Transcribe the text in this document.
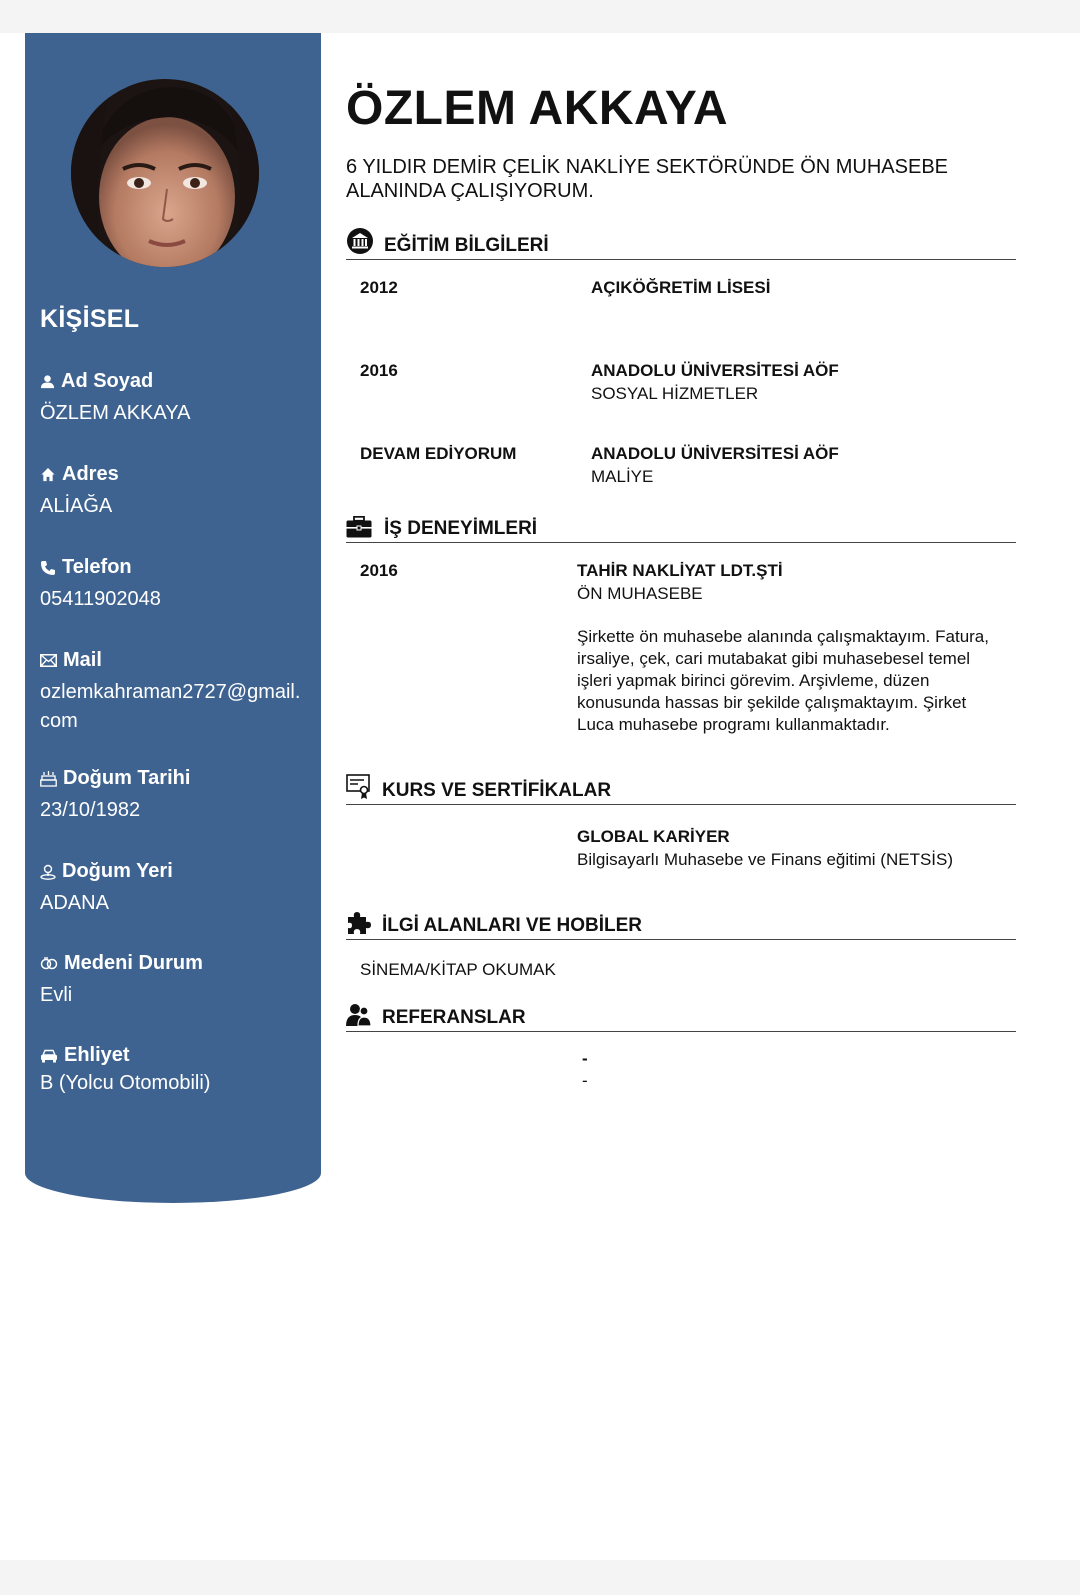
KİŞİSEL
Ad Soyad
ÖZLEM AKKAYA
Adres
ALİAĞA
Telefon
05411902048
Mail
ozlemkahraman2727@gmail.com
Doğum Tarihi
23/10/1982
Doğum Yeri
ADANA
Medeni Durum
Evli
Ehliyet
B (Yolcu Otomobili)
ÖZLEM AKKAYA
6 YILDIR DEMİR ÇELİK NAKLİYE SEKTÖRÜNDE ÖN MUHASEBE ALANINDA ÇALIŞIYORUM.
EĞİTİM BİLGİLERİ
2012	AÇIKÖĞRETİM LİSESİ
2016	ANADOLU ÜNİVERSİTESİ AÖF
SOSYAL HİZMETLER
DEVAM EDİYORUM	ANADOLU ÜNİVERSİTESİ AÖF
MALİYE
İŞ DENEYİMLERİ
2016	TAHİR NAKLİYAT LDT.ŞTİ
ÖN MUHASEBE
Şirkette ön muhasebe alanında çalışmaktayım. Fatura, irsaliye, çek, cari mutabakat gibi muhasebesel temel işleri yapmak birinci görevim. Arşivleme, düzen konusunda hassas bir şekilde çalışmaktayım. Şirket Luca muhasebe programı kullanmaktadır.
KURS VE SERTİFİKALAR
GLOBAL KARİYER
Bilgisayarlı Muhasebe ve Finans eğitimi (NETSİS)
İLGİ ALANLARI VE HOBİLER
SİNEMA/KİTAP OKUMAK
REFERANSLAR
-
-
